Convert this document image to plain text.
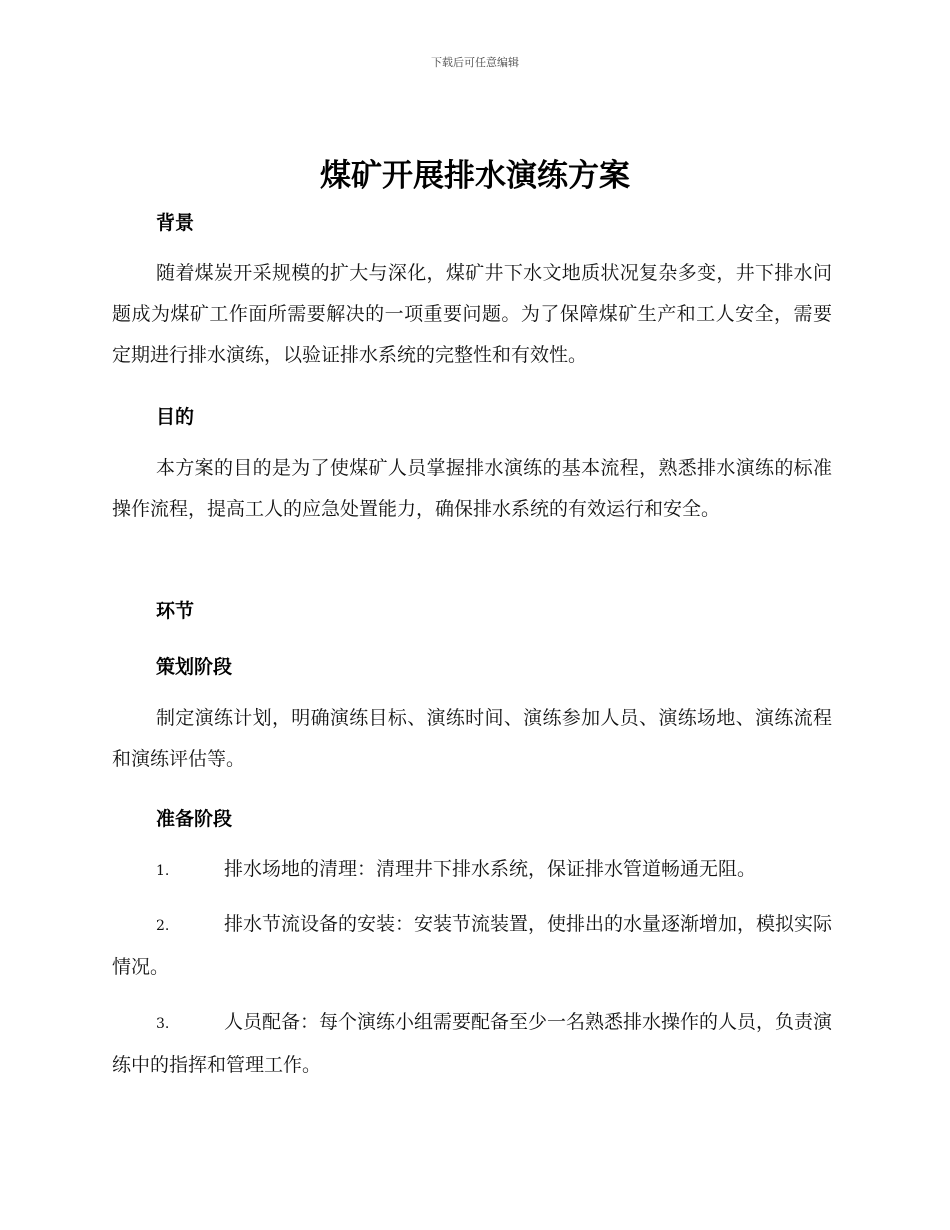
下载后可任意编辑
煤矿开展排水演练方案
背景

随着煤炭开采规模的扩大与深化，煤矿井下水文地质状况复杂多变，井下排水问题成为煤矿工作面所需要解决的一项重要问题。为了保障煤矿生产和工人安全，需要定期进行排水演练，以验证排水系统的完整性和有效性。

目的

本方案的目的是为了使煤矿人员掌握排水演练的基本流程，熟悉排水演练的标准操作流程，提高工人的应急处置能力，确保排水系统的有效运行和安全。

环节
策划阶段

制定演练计划，明确演练目标、演练时间、演练参加人员、演练场地、演练流程和演练评估等。

准备阶段

1.	排水场地的清理：清理井下排水系统，保证排水管道畅通无阻。

2.	排水节流设备的安装：安装节流装置，使排出的水量逐渐增加，模拟实际情况。

3.	人员配备：每个演练小组需要配备至少一名熟悉排水操作的人员，负责演练中的指挥和管理工作。
